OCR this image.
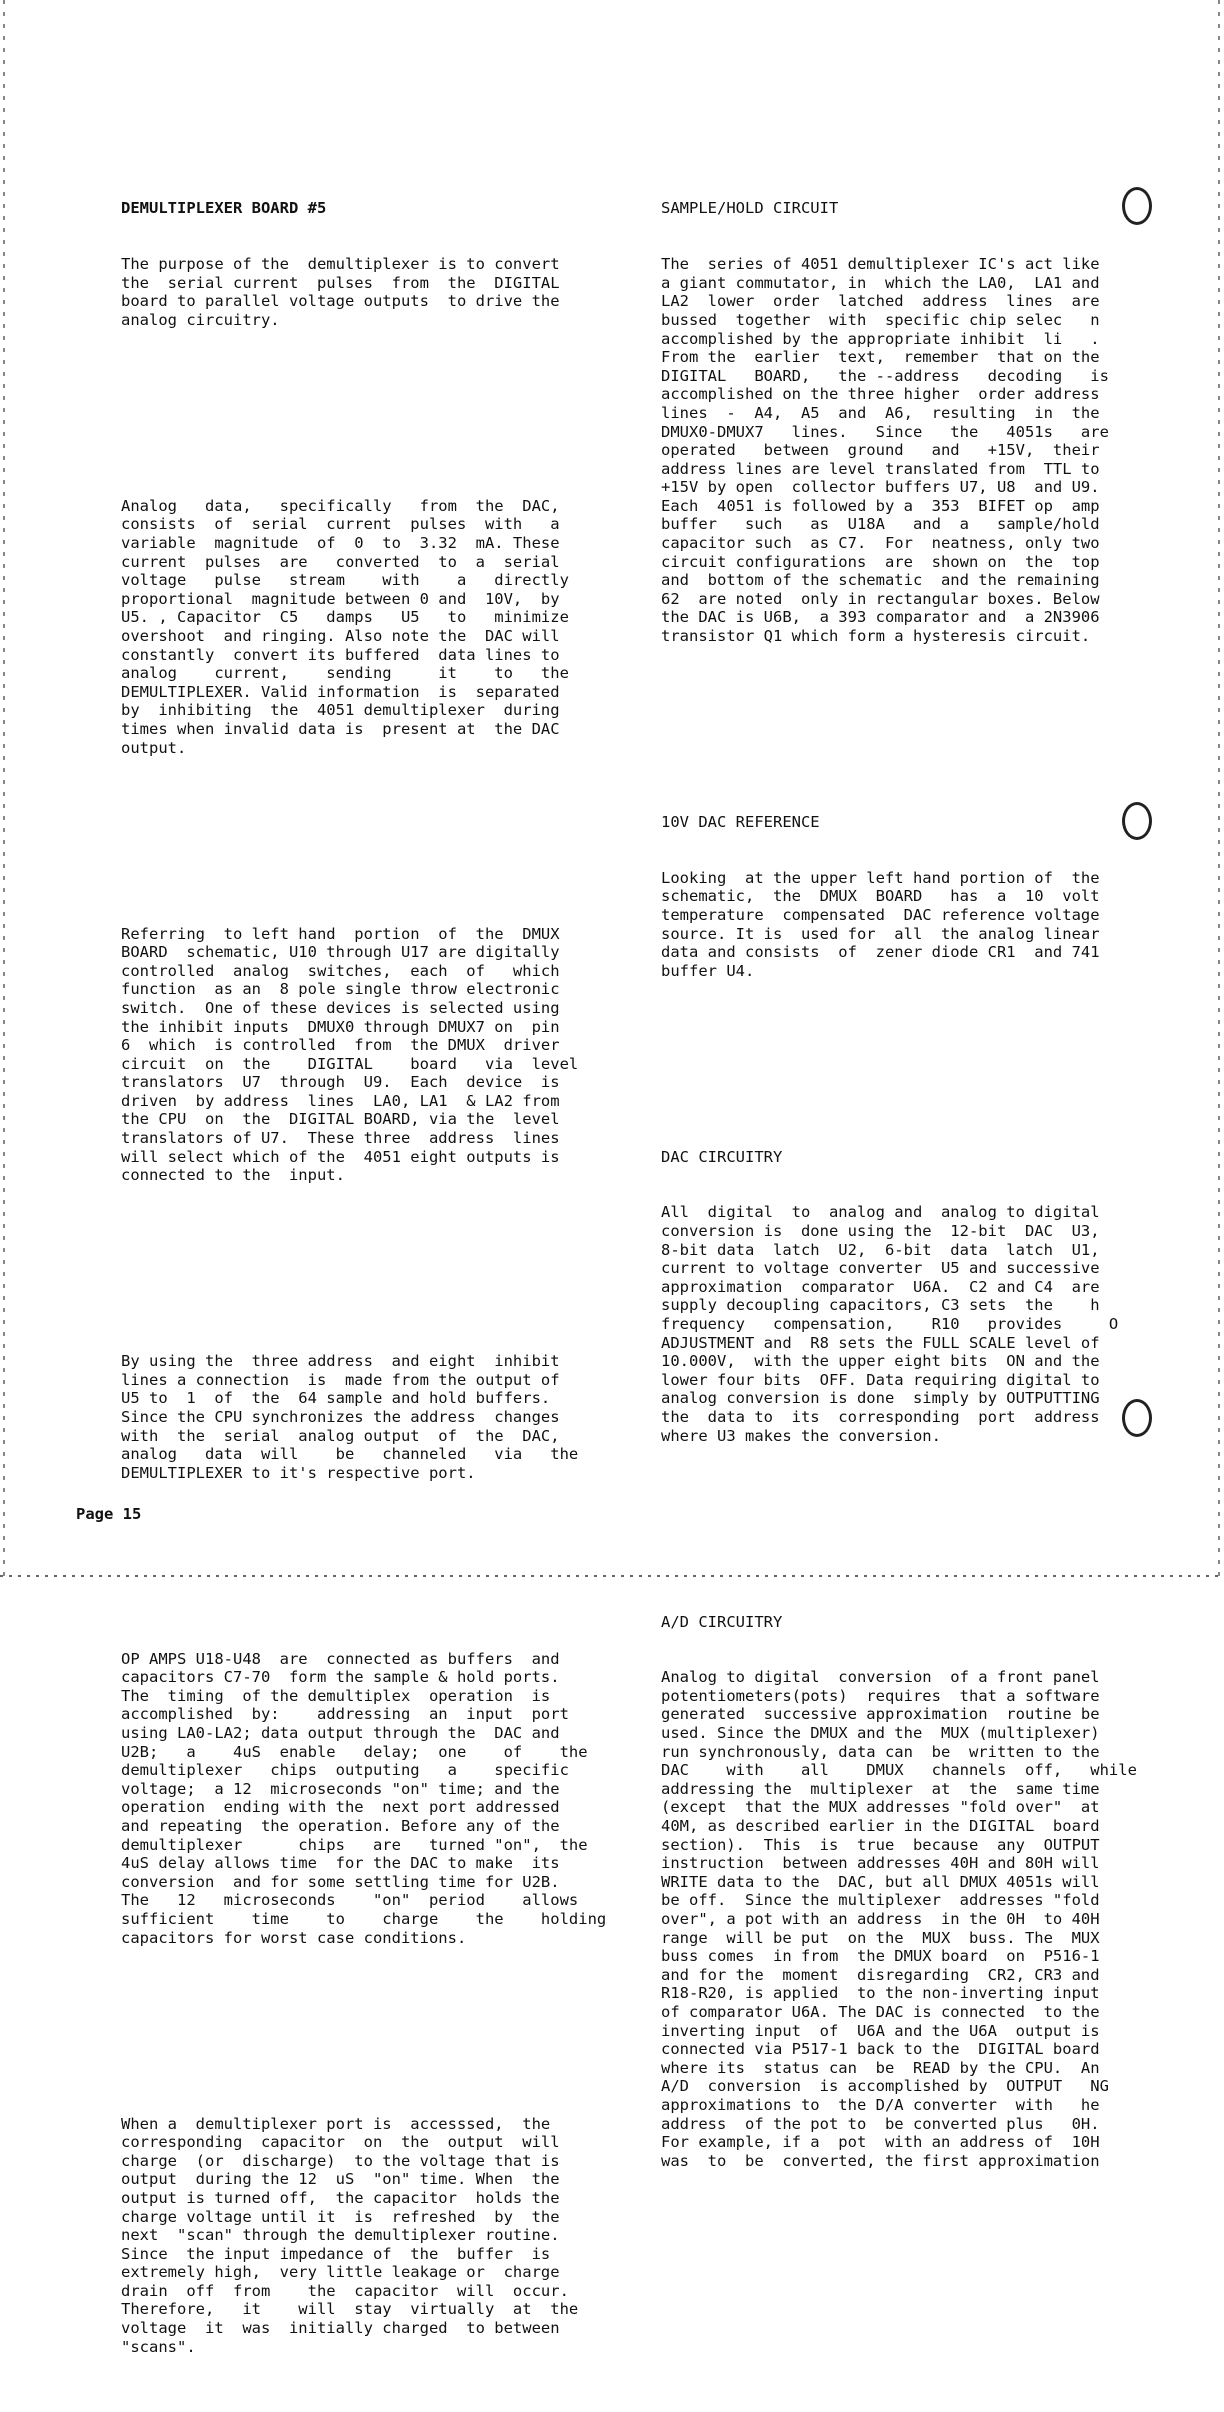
DEMULTIPLEXER BOARD #5

The purpose of the  demultiplexer is to convert
the  serial current  pulses  from  the  DIGITAL
board to parallel voltage outputs  to drive the
analog circuitry.

Analog   data,   specifically   from  the  DAC,
consists  of  serial  current  pulses  with   a
variable  magnitude  of  0  to  3.32  mA. These
current  pulses  are   converted  to  a  serial
voltage   pulse   stream    with    a   directly
proportional  magnitude between 0 and  10V,  by
U5. , Capacitor  C5   damps   U5   to   minimize
overshoot  and ringing. Also note the  DAC will
constantly  convert its buffered  data lines to
analog    current,    sending     it    to   the
DEMULTIPLEXER. Valid information  is  separated
by  inhibiting  the  4051 demultiplexer  during
times when invalid data is  present at  the DAC
output.

Referring  to left hand  portion  of  the  DMUX
BOARD  schematic, U10 through U17 are digitally
controlled  analog  switches,  each  of   which
function  as an  8 pole single throw electronic
switch.  One of these devices is selected using
the inhibit inputs  DMUX0 through DMUX7 on  pin
6  which  is controlled  from  the DMUX  driver
circuit  on  the    DIGITAL    board   via  level
translators  U7  through  U9.  Each  device  is
driven  by address  lines  LA0, LA1  & LA2 from
the CPU  on  the  DIGITAL BOARD, via the  level
translators of U7.  These three  address  lines
will select which of the  4051 eight outputs is
connected to the  input.

By using the  three address  and eight  inhibit
lines a connection  is  made from the output of
U5 to  1  of  the  64 sample and hold buffers.
Since the CPU synchronizes the address  changes
with  the  serial  analog output  of  the  DAC,
analog   data  will    be   channeled   via   the
DEMULTIPLEXER to it's respective port.

OP AMPS U18-U48  are  connected as buffers  and
capacitors C7-70  form the sample & hold ports.
The  timing  of the demultiplex  operation  is
accomplished  by:    addressing  an  input  port
using LA0-LA2; data output through the  DAC and
U2B;   a    4uS  enable   delay;  one    of    the
demultiplexer   chips  outputing   a    specific
voltage;  a 12  microseconds "on" time; and the
operation  ending with the  next port addressed
and repeating  the operation. Before any of the
demultiplexer      chips   are   turned "on",  the
4uS delay allows time  for the DAC to make  its
conversion  and for some settling time for U2B.
The   12   microseconds    "on"  period    allows
sufficient    time    to    charge    the    holding
capacitors for worst case conditions.

When a  demultiplexer port is  accesssed,  the
corresponding  capacitor  on  the  output  will
charge  (or  discharge)  to the voltage that is
output  during the 12  uS  "on" time. When  the
output is turned off,  the capacitor  holds the
charge voltage until it  is  refreshed  by  the
next  "scan" through the demultiplexer routine.
Since  the input impedance of  the  buffer  is
extremely high,  very little leakage or  charge
drain  off  from    the  capacitor  will  occur.
Therefore,   it    will  stay  virtually  at  the
voltage  it  was  initially charged  to between
"scans".

SAMPLE/HOLD CIRCUIT

The  series of 4051 demultiplexer IC's act like
a giant commutator, in  which the LA0,  LA1 and
LA2  lower  order  latched  address  lines  are
bussed  together  with  specific chip selec   n
accomplished by the appropriate inhibit  li   .
From the  earlier  text,  remember  that on the
DIGITAL   BOARD,   the --address   decoding   is
accomplished on the three higher  order address
lines  -  A4,  A5  and  A6,  resulting  in  the
DMUX0-DMUX7   lines.   Since   the   4051s   are
operated   between  ground   and   +15V,  their
address lines are level translated from  TTL to
+15V by open  collector buffers U7, U8  and U9.
Each  4051 is followed by a  353  BIFET op  amp
buffer   such   as  U18A   and  a   sample/hold
capacitor such  as C7.  For  neatness, only two
circuit configurations  are  shown on  the  top
and  bottom of the schematic  and the remaining
62  are noted  only in rectangular boxes. Below
the DAC is U6B,  a 393 comparator and  a 2N3906
transistor Q1 which form a hysteresis circuit.

10V DAC REFERENCE

Looking  at the upper left hand portion of  the
schematic,  the  DMUX  BOARD   has  a  10  volt
temperature  compensated  DAC reference voltage
source. It is  used for  all  the analog linear
data and consists  of  zener diode CR1  and 741
buffer U4.

DAC CIRCUITRY

All  digital  to  analog and  analog to digital
conversion is  done using the  12-bit  DAC  U3,
8-bit data  latch  U2,  6-bit  data  latch  U1,
current to voltage converter  U5 and successive
approximation  comparator  U6A.  C2 and C4  are
supply decoupling capacitors, C3 sets  the    h
frequency   compensation,    R10   provides     O
ADJUSTMENT and  R8 sets the FULL SCALE level of
10.000V,  with the upper eight bits  ON and the
lower four bits  OFF. Data requiring digital to
analog conversion is done  simply by OUTPUTTING
the  data to  its  corresponding  port  address
where U3 makes the conversion.

A/D CIRCUITRY

Analog to digital  conversion  of a front panel
potentiometers(pots)  requires  that a software
generated  successive approximation  routine be
used. Since the DMUX and the  MUX (multiplexer)
run synchronously, data can  be  written to the
DAC    with    all    DMUX   channels  off,   while
addressing the  multiplexer  at  the  same time
(except  that the MUX addresses "fold over"  at
40M, as described earlier in the DIGITAL  board
section).  This  is  true  because  any  OUTPUT
instruction  between addresses 40H and 80H will
WRITE data to the  DAC, but all DMUX 4051s will
be off.  Since the multiplexer  addresses "fold
over", a pot with an address  in the 0H  to 40H
range  will be put  on the  MUX  buss. The  MUX
buss comes  in from  the DMUX board  on  P516-1
and for the  moment  disregarding  CR2, CR3 and
R18-R20, is applied  to the non-inverting input
of comparator U6A. The DAC is connected  to the
inverting input  of  U6A and the U6A  output is
connected via P517-1 back to the  DIGITAL board
where its  status can  be  READ by the CPU.  An
A/D  conversion  is accomplished by  OUTPUT   NG
approximations to  the D/A converter  with   he
address  of the pot to  be converted plus   0H.
For example, if a  pot  with an address of  10H
was  to  be  converted, the first approximation

Page 15
